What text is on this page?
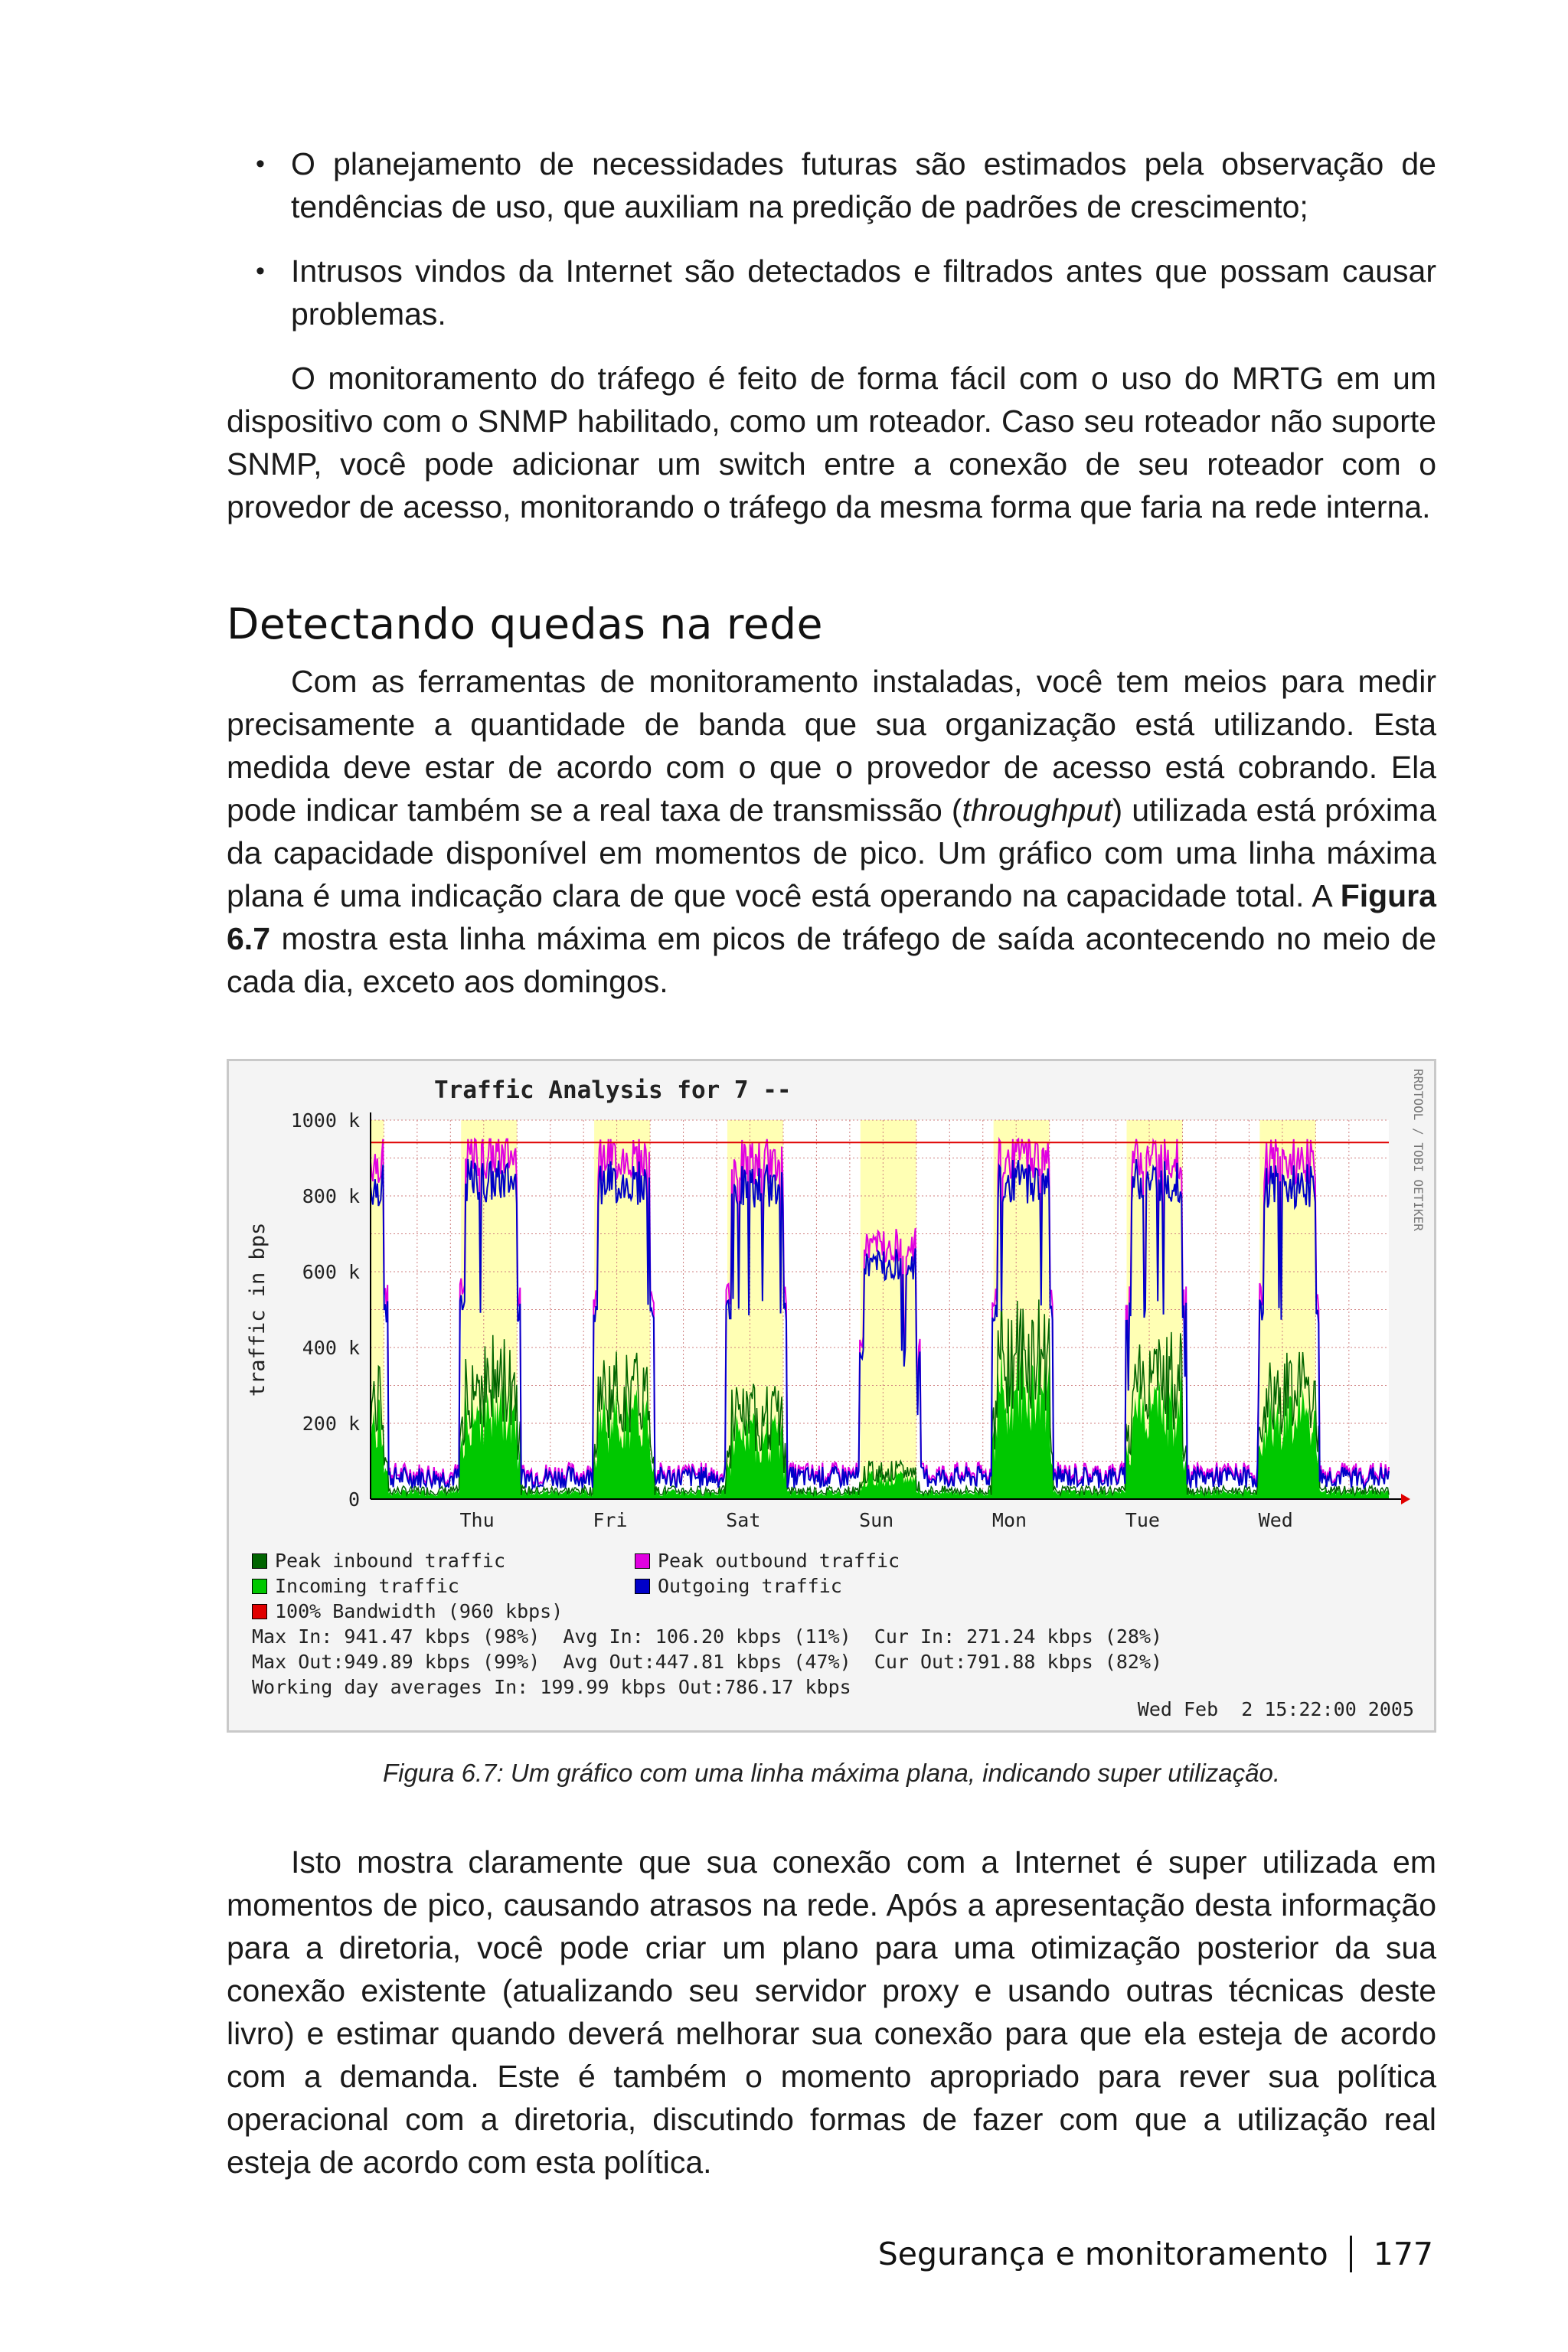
• O planejamento de necessidades futuras são estimados pela observação de tendências de uso, que auxiliam na predição de padrões de crescimento;

• Intrusos vindos da Internet são detectados e filtrados antes que possam causar problemas.

O monitoramento do tráfego é feito de forma fácil com o uso do MRTG em um dispositivo com o SNMP habilitado, como um roteador. Caso seu roteador não suporte SNMP, você pode adicionar um switch entre a conexão de seu roteador com o provedor de acesso, monitorando o tráfego da mesma forma que faria na rede interna.

Detectando quedas na rede

Com as ferramentas de monitoramento instaladas, você tem meios para medir precisamente a quantidade de banda que sua organização está utilizando. Esta medida deve estar de acordo com o que o provedor de acesso está cobrando. Ela pode indicar também se a real taxa de transmissão (throughput) utilizada está próxima da capacidade disponível em momentos de pico. Um gráfico com uma linha máxima plana é uma indicação clara de que você está operando na capacidade total. A Figura 6.7 mostra esta linha máxima em picos de tráfego de saída acontecendo no meio de cada dia, exceto aos domingos.

0
200 k
400 k
600 k
800 k
1000 k
Thu	Fri	Sat	Sun	Mon	Tue	Wed
traffic in bps
Traffic Analysis for 7 --	RRDTOOL / TOBI OETIKER
Peak inbound traffic	Peak outbound traffic
Incoming traffic	Outgoing traffic
100% Bandwidth (960 kbps)
Max In: 941.47 kbps (98%)  Avg In: 106.20 kbps (11%)  Cur In: 271.24 kbps (28%)
Max Out:949.89 kbps (99%)  Avg Out:447.81 kbps (47%)  Cur Out:791.88 kbps (82%)
Working day averages In: 199.99 kbps Out:786.17 kbps
Wed Feb  2 15:22:00 2005
Figura 6.7: Um gráfico com uma linha máxima plana, indicando super utilização.

Isto mostra claramente que sua conexão com a Internet é super utilizada em momentos de pico, causando atrasos na rede. Após a apresentação desta informação para a diretoria, você pode criar um plano para uma otimização posterior da sua conexão existente (atualizando seu servidor proxy e usando outras técnicas deste livro) e estimar quando deverá melhorar sua conexão para que ela esteja de acordo com a demanda. Este é também o momento apropriado para rever sua política operacional com a diretoria, discutindo formas de fazer com que a utilização real esteja de acordo com esta política.

Segurança e monitoramento 177
